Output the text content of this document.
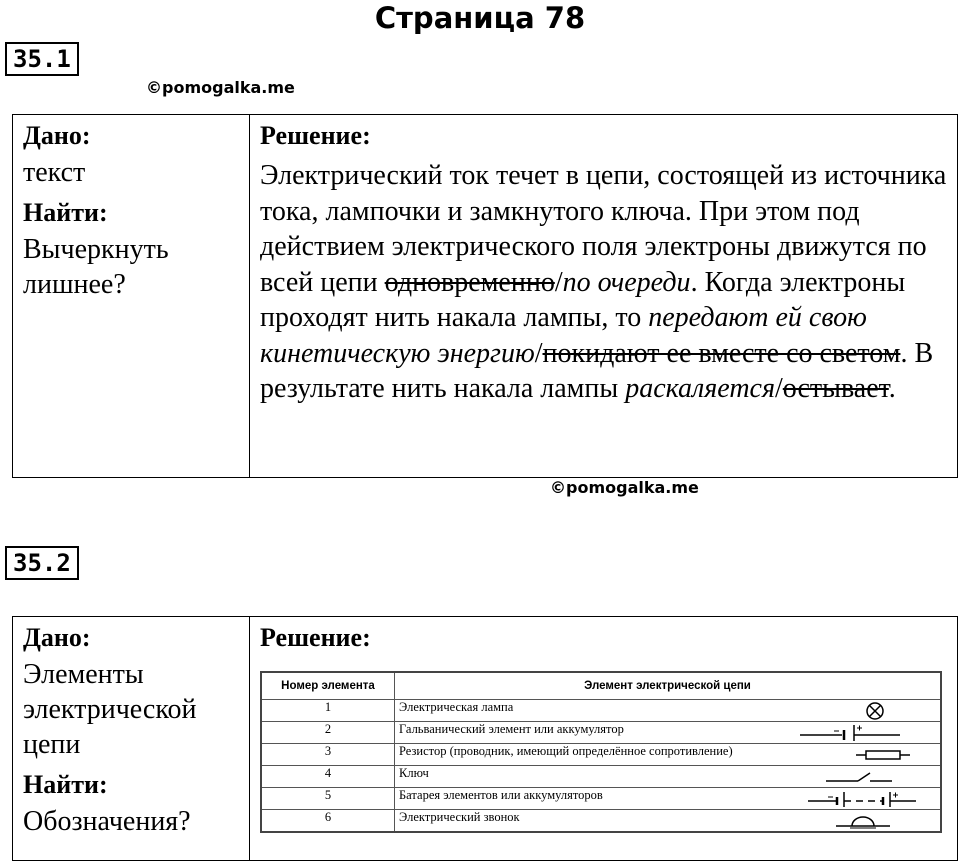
Страница 78
35.1
©pomogalka.me
Дано:
текст
Найти:
Вычеркнуть лишнее?

Решение:
Электрический ток течет в цепи, состоящей из источника тока, лампочки и замкнутого ключа. При этом под действием электрического поля электроны движутся по всей цепи одновременно/по очереди. Когда электроны проходят нить накала лампы, то передают ей свою кинетическую энергию/покидают ее вместе со светом. В результате нить накала лампы раскаляется/остывает.
©pomogalka.me
35.2
Дано:
Элементы электрической цепи
Найти:
Обозначения?

Решение:
Номер элемента	Элемент электрической цепи
1	Электрическая лампа

2	Гальванический элемент или аккумулятор

3	Резистор (проводник, имеющий определённое сопротивление)

4	Ключ

5	Батарея элементов или аккумуляторов

6	Электрический звонок
